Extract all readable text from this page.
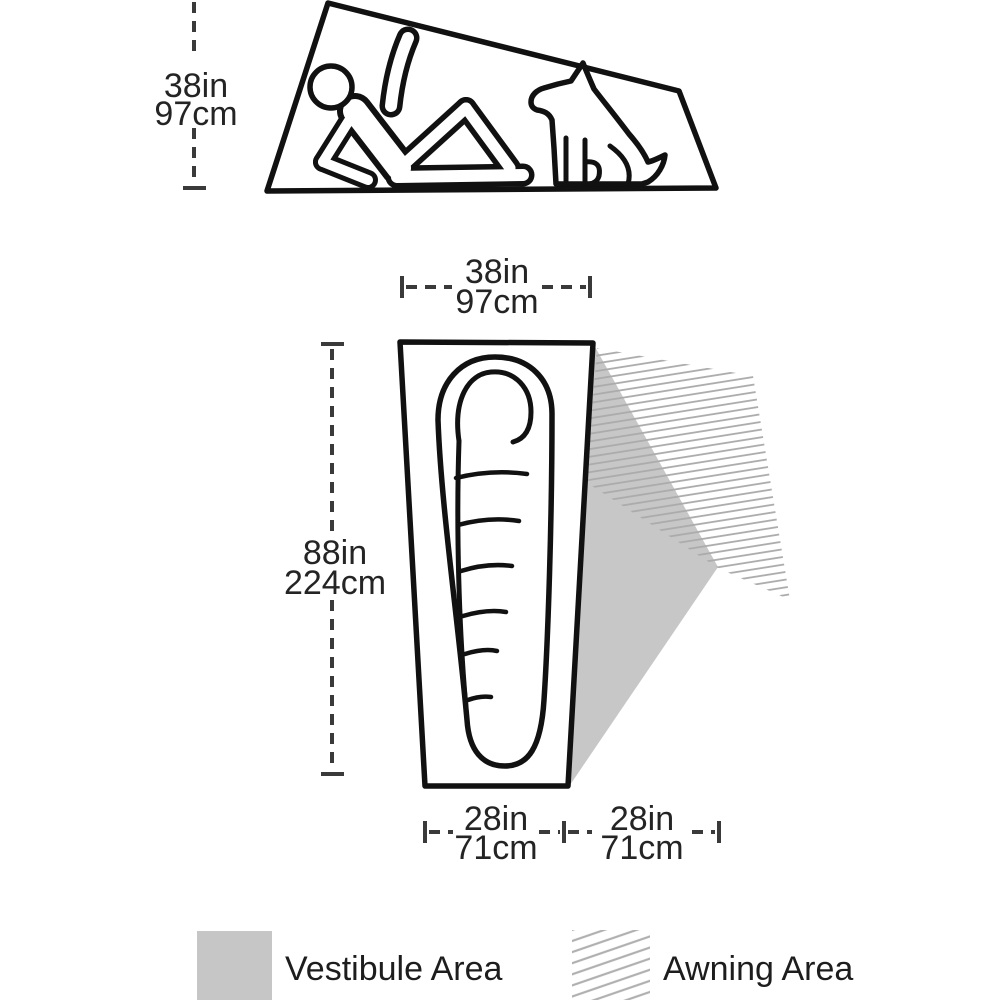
38in
97cm
38in
97cm
88in
224cm
28in
71cm
28in
71cm
Vestibule Area	Awning Area
